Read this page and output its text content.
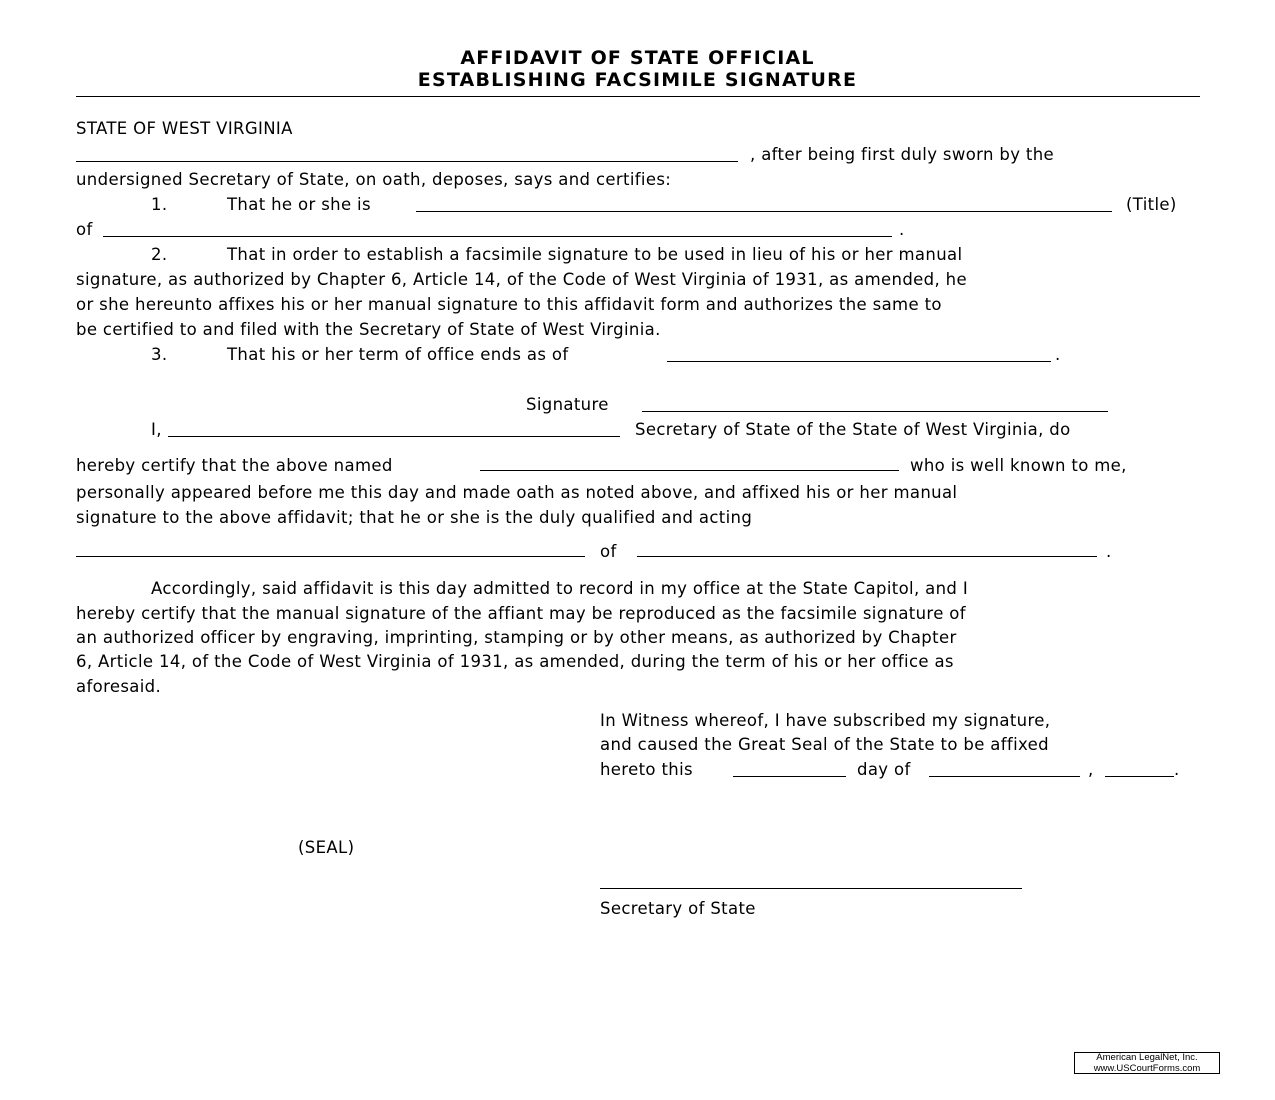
AFFIDAVIT OF STATE OFFICIAL
ESTABLISHING FACSIMILE SIGNATURE
STATE OF WEST VIRGINIA
, after being first duly sworn by the
undersigned Secretary of State, on oath, deposes, says and certifies:
1.	That he or she is	(Title)
of	.
2.	That in order to establish a facsimile signature to be used in lieu of his or her manual
signature, as authorized by Chapter 6, Article 14, of the Code of West Virginia of 1931, as amended, he
or she hereunto affixes his or her manual signature to this affidavit form and authorizes the same to
be certified to and filed with the Secretary of State of West Virginia.
3.	That his or her term of office ends as of	.
Signature
I,	Secretary of State of the State of West Virginia, do
hereby certify that the above named	who is well known to me,
personally appeared before me this day and made oath as noted above, and affixed his or her manual
signature to the above affidavit; that he or she is the duly qualified and acting
of	.
Accordingly, said affidavit is this day admitted to record in my office at the State Capitol, and I
hereby certify that the manual signature of the affiant may be reproduced as the facsimile signature of
an authorized officer by engraving, imprinting, stamping or by other means, as authorized by Chapter
6, Article 14, of the Code of West Virginia of 1931, as amended, during the term of his or her office as
aforesaid.
In Witness whereof, I have subscribed my signature,
and caused the Great Seal of the State to be affixed
hereto this	day of	,	.
(SEAL)
Secretary of State
American LegalNet, Inc.
www.USCourtForms.com
